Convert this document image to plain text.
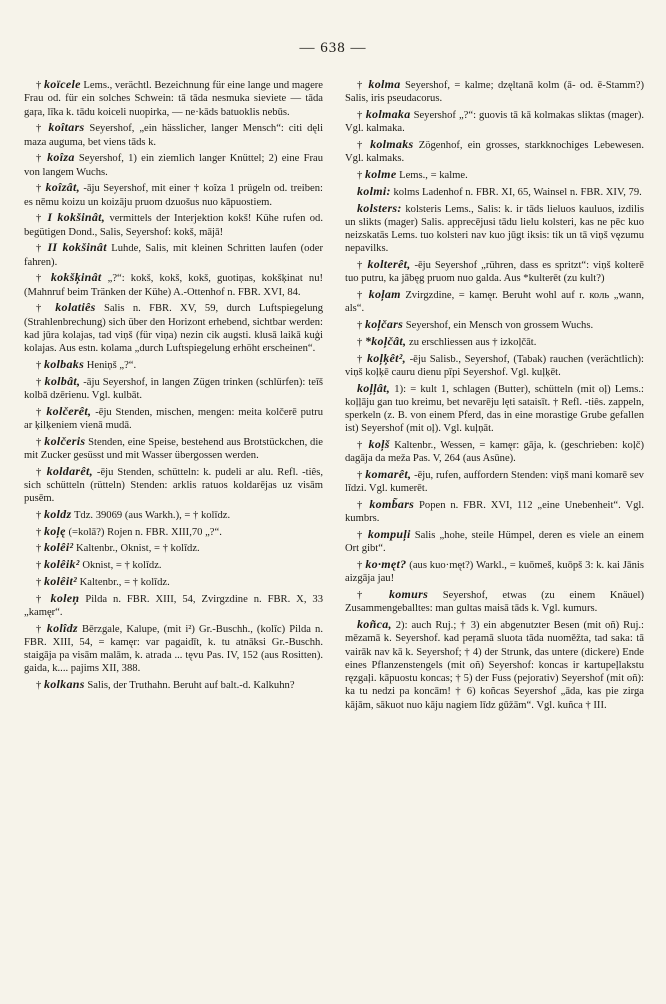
— 638 —

† koïcele Lems., verächtl. Bezeichnung für eine lange und magere Frau od. für ein solches Schwein: tā tāda nesmuka sieviete — tāda gaŗa, līka k. tādu koiceli nuopirka, — ne·kāds batuoklis nebūs.

† koîtars Seyershof, „ein hässlicher, langer Mensch“: citi dęli maza auguma, bet viens tāds k.

† koîza Seyershof, 1) ein ziemlich langer Knüttel; 2) eine Frau von langem Wuchs.

† koîzât, -āju Seyershof, mit einer † koîza 1 prügeln od. treiben: es nēmu koizu un koizāju pruom dzuošus nuo kāpuostiem.

† I kokšinât, vermittels der Interjektion kokš! Kühe rufen od. begütigen Dond., Salis, Seyershof: kokš, mājā!

† II kokšinât Luhde, Salis, mit kleinen Schritten laufen (oder fahren).

† kokšķinât „?“: kokš, kokš, kokš, guotiņas, kokšķinat nu! (Mahnruf beim Tränken der Kühe) A.-Ottenhof n. FBR. XVI, 84.

† kolatiês Salis n. FBR. XV, 59, durch Luftspiegelung (Strahlenbrechung) sich über den Horizont erhebend, sichtbar werden: kad jūra kolajas, tad viņš (für viņa) nezin cik augsti. klusā laikā kuģi kolajas. Aus estn. kolama „durch Luftspiegelung erhöht erscheinen“.

† kolbaks Heniņš „?“.

† kolbât, -āju Seyershof, in langen Zügen trinken (schlürfen): teīš kolbā dzērienu. Vgl. kulbāt.

† kolčerêt, -ēju Stenden, mischen, mengen: meita kolčerē putru ar ķilķeniem vienā mudā.

† kolčeris Stenden, eine Speise, bestehend aus Brotstückchen, die mit Zucker gesüsst und mit Wasser übergossen werden.

† koldarêt, -ēju Stenden, schütteln: k. pudeli ar alu. Refl. -tiês, sich schütteln (rütteln) Stenden: arklis ratuos koldarējas uz visām pusēm.

† koldz Tdz. 39069 (aus Warkh.), = † kolīdz.

† koļę (=kolā?) Rojen n. FBR. XIII,70 „?“.

† kolêi² Kaltenbr., Oknist, = † kolīdz.

† kolêik² Oknist, = † kolīdz.

† kolêit² Kaltenbr., = † kolīdz.

† koleņ Pilda n. FBR. XIII, 54, Zvirgzdine n. FBR. X, 33 „kamęr“.

† kolîdz Bērzgale, Kalupe, (mit i²) Gr.-Buschh., (kolīc) Pilda n. FBR. XIII, 54, = kamęr: var pagaidīt, k. tu atnāksi Gr.-Buschh. staigāja pa visām malām, k. atrada ... tęvu Pas. IV, 152 (aus Rositten). gaida, k.... pajims XII, 388.

† kolkans Salis, der Truthahn. Beruht auf balt.-d. Kalkuhn?

† kolma Seyershof, = kalme; dzęltanā kolm (ā- od. ē-Stamm?) Salis, iris pseudacorus.

† kolmaka Seyershof „?“: guovis tā kā kolmakas sliktas (mager). Vgl. kalmaka.

† kolmaks Zögenhof, ein grosses, starkknochiges Lebewesen. Vgl. kalmaks.

† kolme Lems., = kalme.

kolmi: kolms Ladenhof n. FBR. XI, 65, Wainsel n. FBR. XIV, 79.

kolsters: kolsteris Lems., Salis: k. ir tāds lieluos kauluos, izdilis un slikts (mager) Salis. apprecējusi tādu lielu kolsteri, kas ne pēc kuo neizskatās Lems. tuo kolsteri nav kuo jūgt iksis: tik un tā viņš vęzumu nepavilks.

† kolterêt, -ēju Seyershof „rühren, dass es spritzt“: viņš kolterē tuo putru, ka jābęg pruom nuo galda. Aus *kulterēt (zu kult?)

† koļam Zvirgzdine, = kamęr. Beruht wohl auf r. коль „wann, als“.

† koļčars Seyershof, ein Mensch von grossem Wuchs.

† *koļčât, zu erschliessen aus † izkoļčāt.

† koļķêt², -ēju Salisb., Seyershof, (Tabak) rauchen (verächtlich): viņš koļķē cauru dienu pīpi Seyershof. Vgl. kuļķēt.

koļļât, 1): = kult 1, schlagen (Butter), schütteln (mit oļ) Lems.: koļļāju gan tuo kreimu, bet nevarēju lęti sataisīt. † Refl. -tiês. zappeln, sperkeln (z. B. von einem Pferd, das in eine morastige Grube gefallen ist) Seyershof (mit oļ). Vgl. kuļņāt.

† koļš Kaltenbr., Wessen, = kamęr: gāja, k. (geschrieben: koļč) dagāja da meža Pas. V, 264 (aus Asūne).

† komarêt, -ēju, rufen, auffordern Stenden: viņš mani komarē sev līdzi. Vgl. kumerēt.

† komb̃ars Popen n. FBR. XVI, 112 „eine Unebenheit“. Vgl. kumbrs.

† kompuļi Salis „hohe, steile Hümpel, deren es viele an einem Ort gibt“.

† ko·męt? (aus kuo·męt?) Warkl., = kuōmeš, kuōpš 3: k. kai Jānis aizgāja jau!

† komurs Seyershof, etwas (zu einem Knäuel) Zusammengeballtes: man gultas maisā tāds k. Vgl. kumurs.

koñca, 2): auch Ruj.; † 3) ein abgenutzter Besen (mit oñ) Ruj.: mēzamā k. Seyershof. kad peŗamā sluota tāda nuoměžta, tad saka: tā vairāk nav kā k. Seyershof; † 4) der Strunk, das untere (dickere) Ende eines Pflanzenstengels (mit oñ) Seyershof: koncas ir kartupeļlakstu ręzgaļi. kāpuostu koncas; † 5) der Fuss (pejorativ) Seyershof (mit oñ): ka tu nedzi pa koncām! † 6) koñcas Seyershof „āda, kas pie zirga kājām, sākuot nuo kāju nagiem līdz gūžām“. Vgl. kuñca † III.
